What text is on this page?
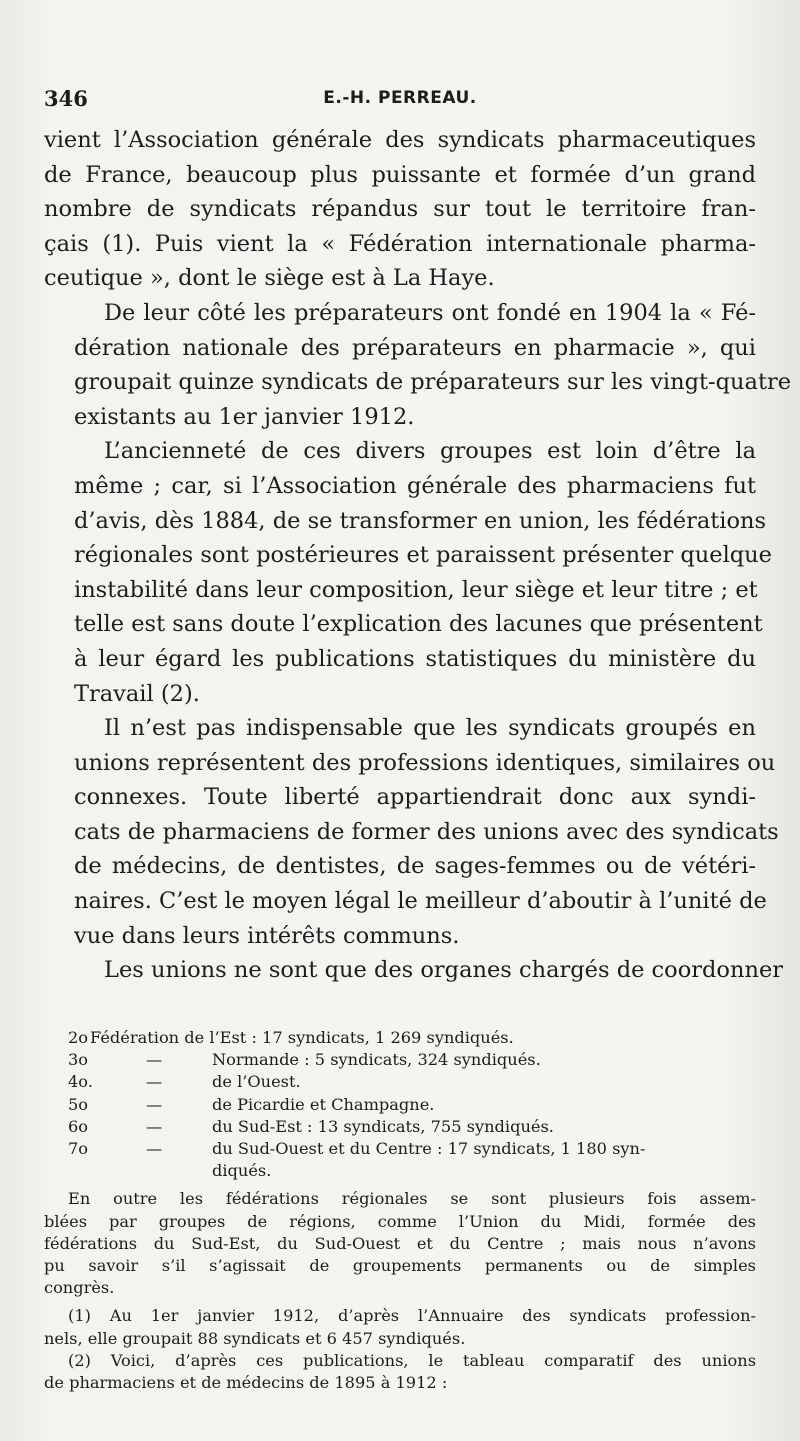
346	E.-H. PERREAU.

vient l’Association générale des syndicats pharmaceutiques
de France, beaucoup plus puissante et formée d’un grand
nombre de syndicats répandus sur tout le territoire fran-
çais (1). Puis vient la « Fédération internationale pharma-
ceutique », dont le siège est à La Haye.

De leur côté les préparateurs ont fondé en 1904 la « Fé-
dération nationale des préparateurs en pharmacie », qui
groupait quinze syndicats de préparateurs sur les vingt-quatre
existants au 1er janvier 1912.

L’ancienneté de ces divers groupes est loin d’être la
même ; car, si l’Association générale des pharmaciens fut
d’avis, dès 1884, de se transformer en union, les fédérations
régionales sont postérieures et paraissent présenter quelque
instabilité dans leur composition, leur siège et leur titre ; et
telle est sans doute l’explication des lacunes que présentent
à leur égard les publications statistiques du ministère du
Travail (2).

Il n’est pas indispensable que les syndicats groupés en
unions représentent des professions identiques, similaires ou
connexes. Toute liberté appartiendrait donc aux syndi-
cats de pharmaciens de former des unions avec des syndicats
de médecins, de dentistes, de sages-femmes ou de vétéri-
naires. C’est le moyen légal le meilleur d’aboutir à l’unité de
vue dans leurs intérêts communs.

Les unions ne sont que des organes chargés de coordonner

2o Fédération de l’Est : 17 syndicats, 1 269 syndiqués.
3o	—	Normande : 5 syndicats, 324 syndiqués.
4o.	—	de l’Ouest.
5o	—	de Picardie et Champagne.
6o	—	du Sud-Est : 13 syndicats, 755 syndiqués.
7o	—	du Sud-Ouest et du Centre : 17 syndicats, 1 180 syn-
diqués.

En outre les fédérations régionales se sont plusieurs fois assem-
blées par groupes de régions, comme l’Union du Midi, formée des
fédérations du Sud-Est, du Sud-Ouest et du Centre ; mais nous n’avons
pu savoir s’il s’agissait de groupements permanents ou de simples
congrès.

(1) Au 1er janvier 1912, d’après l’Annuaire des syndicats profession-
nels, elle groupait 88 syndicats et 6 457 syndiqués.

(2) Voici, d’après ces publications, le tableau comparatif des unions
de pharmaciens et de médecins de 1895 à 1912 :
